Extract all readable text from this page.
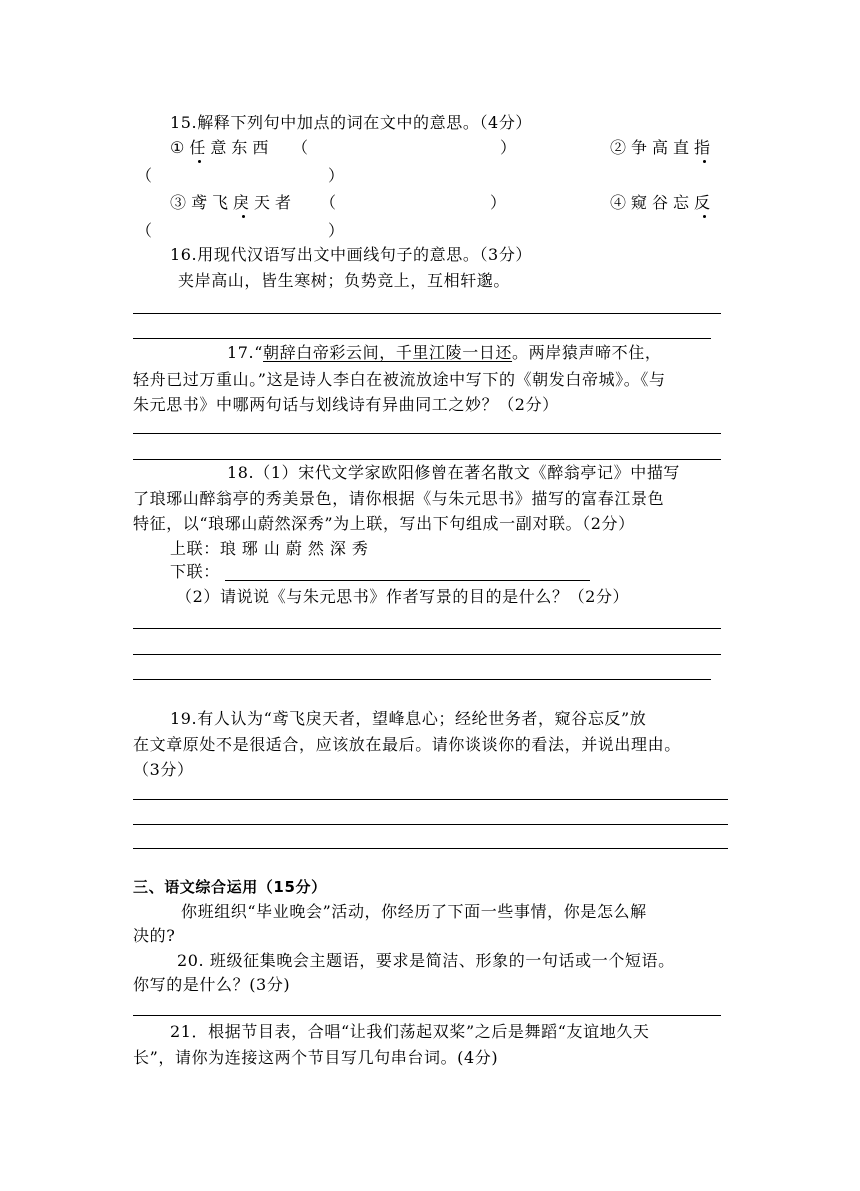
15.解释下列句中加点的词在文中的意思。（4分）
①任意东西 （	）	②争高直指
（	）
③鸢飞戾天者 （	）	④窥谷忘反
（	）
16.用现代汉语写出文中画线句子的意思。（3分）
夹岸高山，皆生寒树；负势竞上，互相轩邈。
17.“朝辞白帝彩云间，千里江陵一日还。两岸猿声啼不住，
轻舟已过万重山。”这是诗人李白在被流放途中写下的《朝发白帝城》。《与
朱元思书》中哪两句话与划线诗有异曲同工之妙？（2分）
18.（1）宋代文学家欧阳修曾在著名散文《醉翁亭记》中描写
了琅琊山醉翁亭的秀美景色，请你根据《与朱元思书》描写的富春江景色
特征，以“琅琊山蔚然深秀”为上联，写出下句组成一副对联。（2分）
上联：琅琊山蔚然深秀
下联：
（2）请说说《与朱元思书》作者写景的目的是什么？（2分）
19.有人认为“鸢飞戾天者，望峰息心；经纶世务者，窥谷忘反”放
在文章原处不是很适合，应该放在最后。请你谈谈你的看法，并说出理由。
（3分）
三、语文综合运用（15分）
你班组织“毕业晚会”活动，你经历了下面一些事情，你是怎么解
决的?
20. 班级征集晚会主题语，要求是简洁、形象的一句话或一个短语。
你写的是什么？(3分)
21．根据节目表，合唱“让我们荡起双桨”之后是舞蹈“友谊地久天
长”，请你为连接这两个节目写几句串台词。(4分)
